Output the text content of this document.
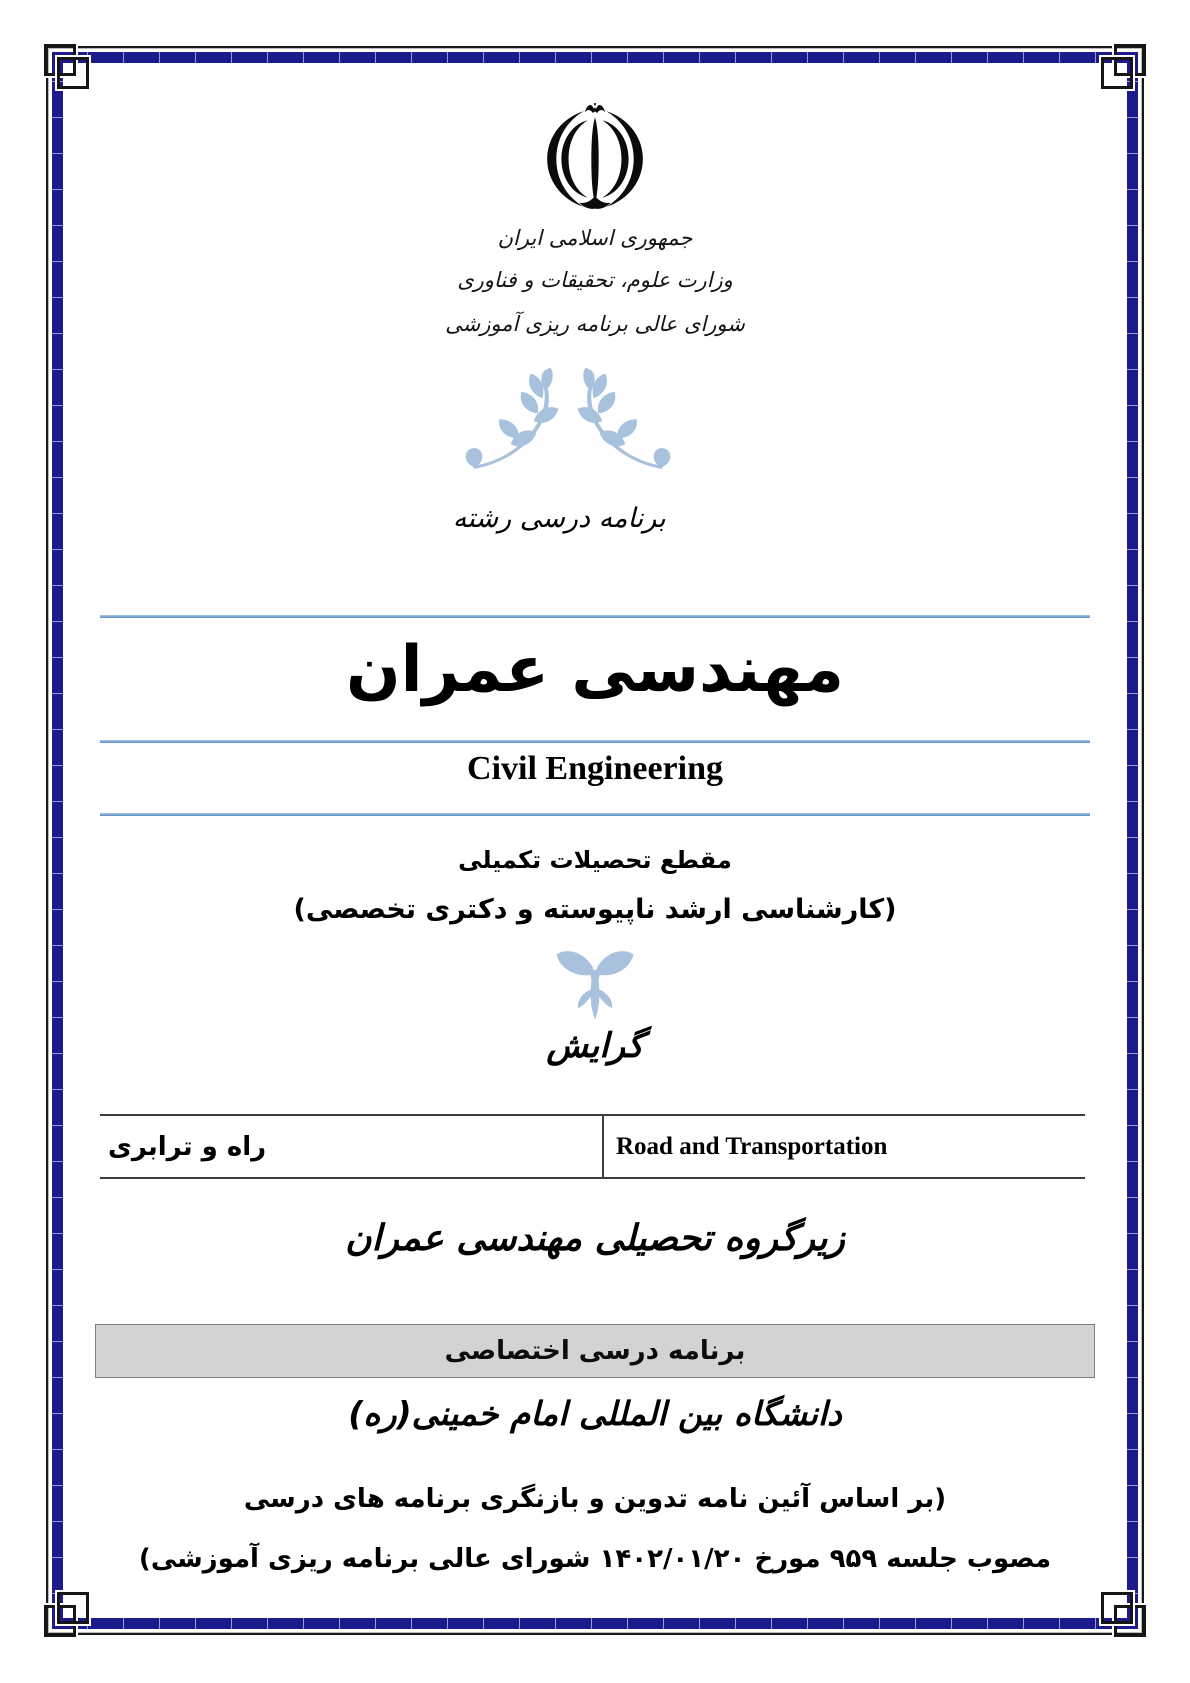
جمهوری اسلامی ایران
وزارت علوم، تحقیقات و فناوری
شورای عالی برنامه ریزی آموزشی
برنامه درسی رشته
مهندسی عمران
Civil Engineering
مقطع تحصیلات تکمیلی
(کارشناسی ارشد ناپیوسته و دکتری تخصصی)
گرایش
راه و ترابری	Road and Transportation
زیرگروه تحصیلی مهندسی عمران
برنامه درسی اختصاصی
دانشگاه بین المللی امام خمینی(ره)
(بر اساس آئین نامه تدوین و بازنگری برنامه های درسی
مصوب جلسه ۹۵۹ مورخ ۱۴۰۲/۰۱/۲۰ شورای عالی برنامه ریزی آموزشی)
